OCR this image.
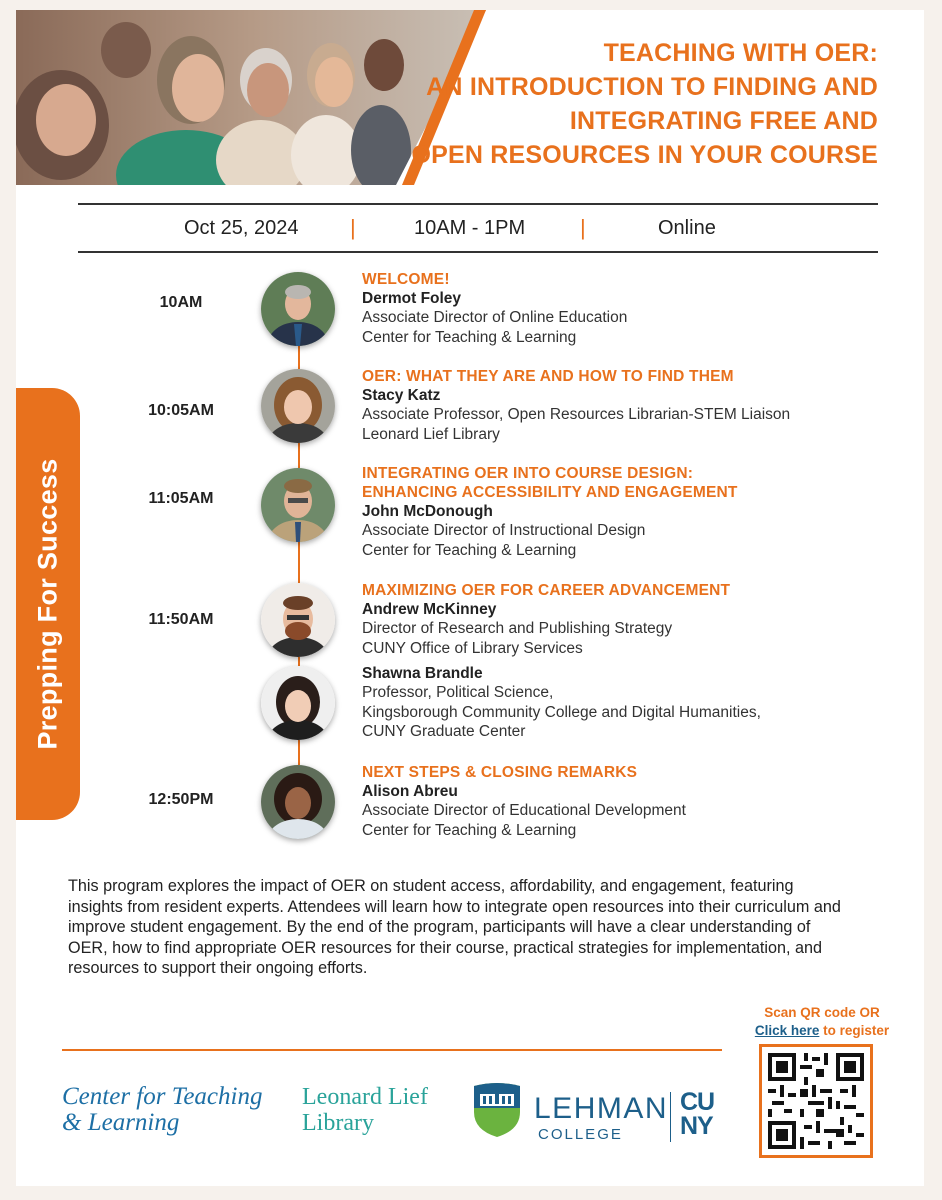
TEACHING WITH OER:
AN INTRODUCTION TO FINDING AND
INTEGRATING FREE AND
OPEN RESOURCES IN YOUR COURSE
Oct 25, 2024 |	10AM - 1PM |	Online
Prepping For Success
10AM
WELCOME!
Dermot Foley
Associate Director of Online Education
Center for Teaching & Learning
10:05AM
OER: WHAT THEY ARE AND HOW TO FIND THEM
Stacy Katz
Associate Professor, Open Resources Librarian-STEM Liaison
Leonard Lief Library
11:05AM
INTEGRATING OER INTO COURSE DESIGN:
ENHANCING ACCESSIBILITY AND ENGAGEMENT
John McDonough
Associate Director of Instructional Design
Center for Teaching & Learning
11:50AM
MAXIMIZING OER FOR CAREER ADVANCEMENT
Andrew McKinney
Director of Research and Publishing Strategy
CUNY Office of Library Services
Shawna Brandle
Professor, Political Science,
Kingsborough Community College and Digital Humanities,
CUNY Graduate Center
12:50PM
NEXT STEPS & CLOSING REMARKS
Alison Abreu
Associate Director of Educational Development
Center for Teaching & Learning
This program explores the impact of OER on student access, affordability, and engagement, featuring insights from resident experts. Attendees will learn how to integrate open resources into their curriculum and improve student engagement. By the end of the program, participants will have a clear understanding of OER, how to find appropriate OER resources for their course, practical strategies for implementation, and resources to support their ongoing efforts.
Scan QR code OR
Click here to register
Center for Teaching
& Learning
Leonard Lief
Library	LEHMAN
COLLEGE
CU
NY
